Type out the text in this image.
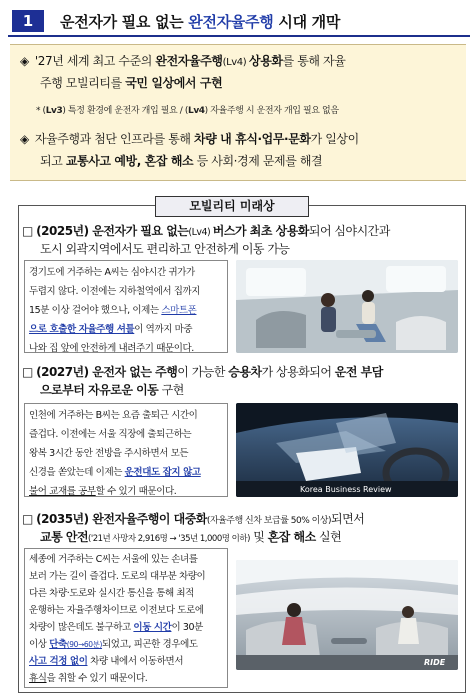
1	운전자가 필요 없는 완전자율주행 시대 개막
◈ '27년 세계 최고 수준의 완전자율주행(Lv4) 상용화를 통해 자율
주행 모빌리티를 국민 일상에서 구현
* (Lv3) 특정 환경에 운전자 개입 필요 / (Lv4) 자율주행 시 운전자 개입 필요 없음
◈ 자율주행과 첨단 인프라를 통해 차량 내 휴식·업무·문화가 일상이
되고 교통사고 예방, 혼잡 해소 등 사회·경제 문제를 해결
모빌리티 미래상
□ (2025년) 운전자가 필요 없는(Lv4) 버스가 최초 상용화되어 심야시간과
도시 외곽지역에서도 편리하고 안전하게 이동 가능
경기도에 거주하는 A씨는 심야시간 귀가가
두렵지 않다. 이전에는 지하철역에서 집까지
15분 이상 걸어야 했으나, 이제는 스마트폰
으로 호출한 자율주행 셔틀이 역까지 마중
나와 집 앞에 안전하게 내려주기 때문이다.
□ (2027년) 운전자 없는 주행이 가능한 승용차가 상용화되어 운전 부담
으로부터 자유로운 이동 구현
인천에 거주하는 B씨는 요즘 출퇴근 시간이
즐겁다. 이전에는 서울 직장에 출퇴근하는
왕복 3시간 동안 전방을 주시하면서 모든
신경을 쏟았는데 이제는 운전대도 잡지 않고
불어 교재를 공부할 수 있기 때문이다.	Korea Business Review
□ (2035년) 완전자율주행이 대중화(자율주행 신차 보급률 50% 이상)되면서
교통 안전('21년 사망자 2,916명 → '35년 1,000명 이하) 및 혼잡 해소 실현
세종에 거주하는 C씨는 서울에 있는 손녀를
보러 가는 길이 즐겁다. 도로의 대부분 차량이
다른 차량·도로와 실시간 통신을 통해 최적
운행하는 자율주행차이므로 이전보다 도로에
차량이 많은데도 불구하고 이동 시간이 30분
이상 단축(90→60분)되었고, 피곤한 경우에도
사고 걱정 없이 차량 내에서 이동하면서
휴식을 취할 수 있기 때문이다.
RIDE
